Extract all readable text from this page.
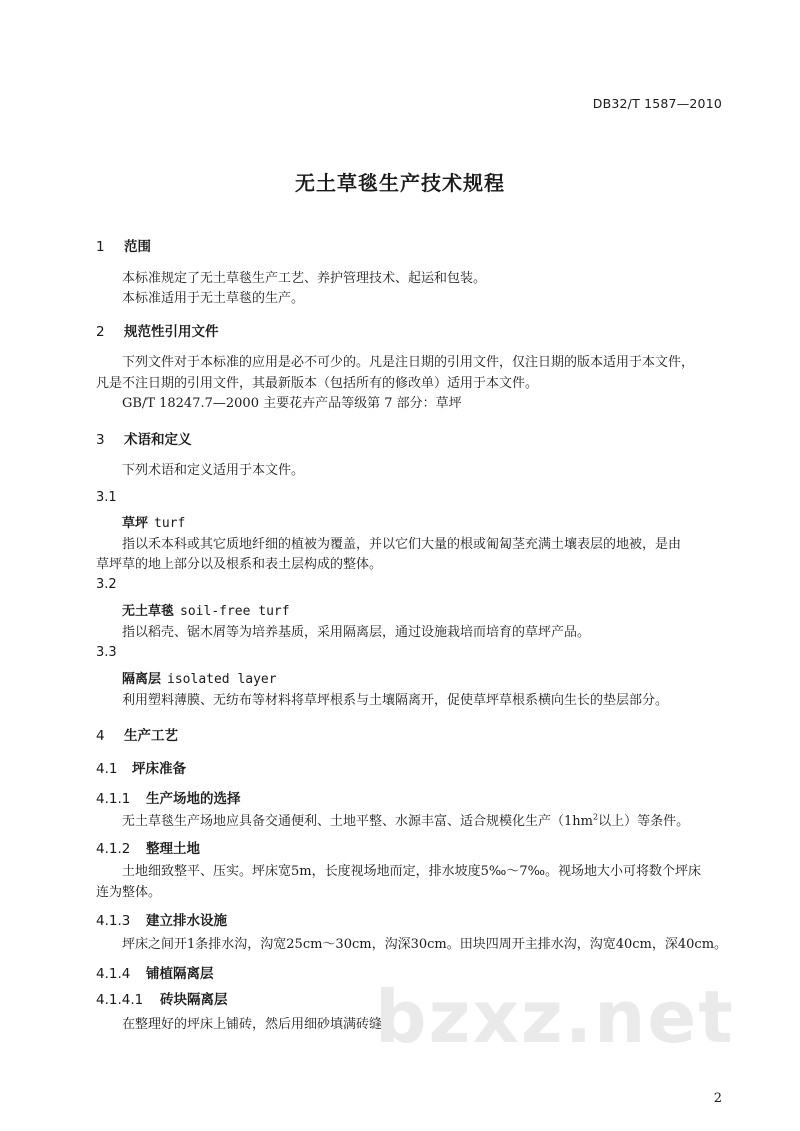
DB32/T 1587—2010
无土草毯生产技术规程
1 范围
本标准规定了无土草毯生产工艺、养护管理技术、起运和包装。
本标准适用于无土草毯的生产。
2 规范性引用文件
下列文件对于本标准的应用是必不可少的。凡是注日期的引用文件，仅注日期的版本适用于本文件，
凡是不注日期的引用文件，其最新版本（包括所有的修改单）适用于本文件。
GB/T 18247.7—2000 主要花卉产品等级第 7 部分：草坪
3 术语和定义
下列术语和定义适用于本文件。
3.1
草坪 turf
指以禾本科或其它质地纤细的植被为覆盖，并以它们大量的根或匍匐茎充满土壤表层的地被，是由
草坪草的地上部分以及根系和表土层构成的整体。
3.2
无土草毯 soil-free turf
指以稻壳、锯木屑等为培养基质，采用隔离层，通过设施栽培而培育的草坪产品。
3.3
隔离层 isolated layer
利用塑料薄膜、无纺布等材料将草坪根系与土壤隔离开，促使草坪草根系横向生长的垫层部分。
4 生产工艺
4.1 坪床准备
4.1.1 生产场地的选择
无土草毯生产场地应具备交通便利、土地平整、水源丰富、适合规模化生产（$1hm^2$以上）等条件。
4.1.2 整理土地
土地细致整平、压实。坪床宽5m，长度视场地而定，排水坡度5‰～7‰。视场地大小可将数个坪床
连为整体。
4.1.3 建立排水设施
坪床之间开1条排水沟，沟宽25cm～30cm，沟深30cm。田块四周开主排水沟，沟宽40cm，深40cm。
4.1.4 铺植隔离层
4.1.4.1 砖块隔离层
在整理好的坪床上铺砖，然后用细砂填满砖缝。
bzxz.net
2
